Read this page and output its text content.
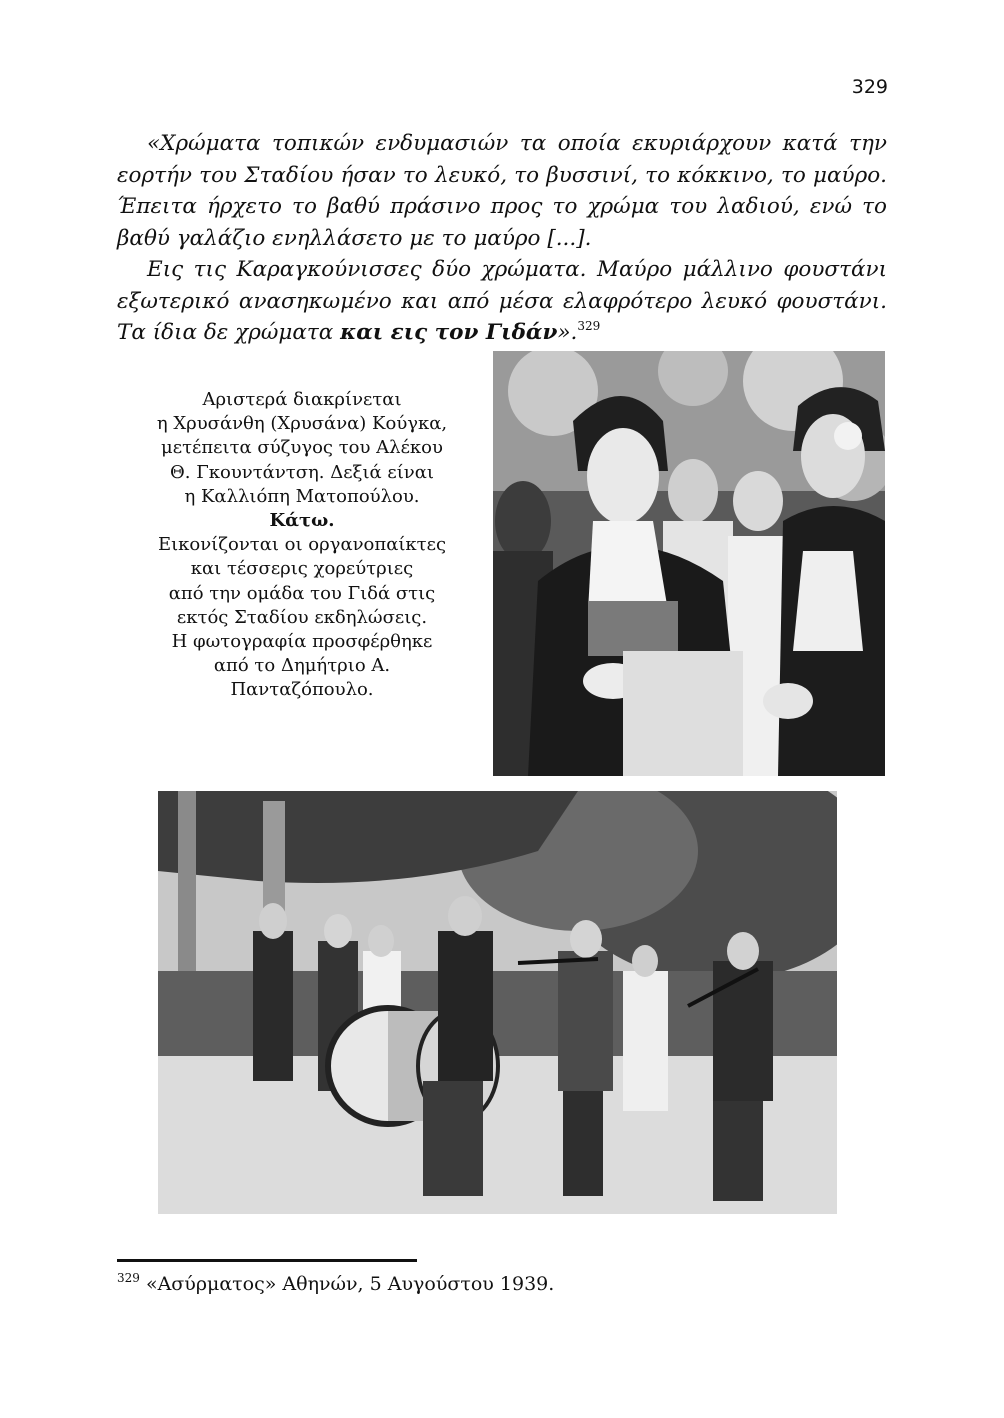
329

«Χρώματα τοπικών ενδυμασιών τα οποία εκυριάρχουν κατά την εορτήν του Σταδίου ήσαν το λευκό, το βυσσινί, το κόκκινο, το μαύρο. Έπειτα ήρχετο το βαθύ πράσινο προς το χρώμα του λαδιού, ενώ το βαθύ γαλάζιο ενηλλάσετο με το μαύρο [...].

Εις τις Καραγκούνισσες δύο χρώματα. Μαύρο μάλλινο φουστάνι εξωτερικό ανασηκωμένο και από μέσα ελαφρότερο λευκό φουστάνι. Τα ίδια δε χρώματα και εις τον Γιδάν».$^{329}$

Αριστερά διακρίνεται
η Χρυσάνθη (Χρυσάνα) Κούγκα,
μετέπειτα σύζυγος του Αλέκου
Θ. Γκουντάντση. Δεξιά είναι
η Καλλιόπη Ματοπούλου.
Κάτω.
Εικονίζονται οι οργανοπαίκτες
και τέσσερις χορεύτριες
από την ομάδα του Γιδά στις
εκτός Σταδίου εκδηλώσεις.
Η φωτογραφία προσφέρθηκε
από το Δημήτριο Α.
Πανταζόπουλο.
$^{329}$ «Ασύρματος» Αθηνών, 5 Αυγούστου 1939.
